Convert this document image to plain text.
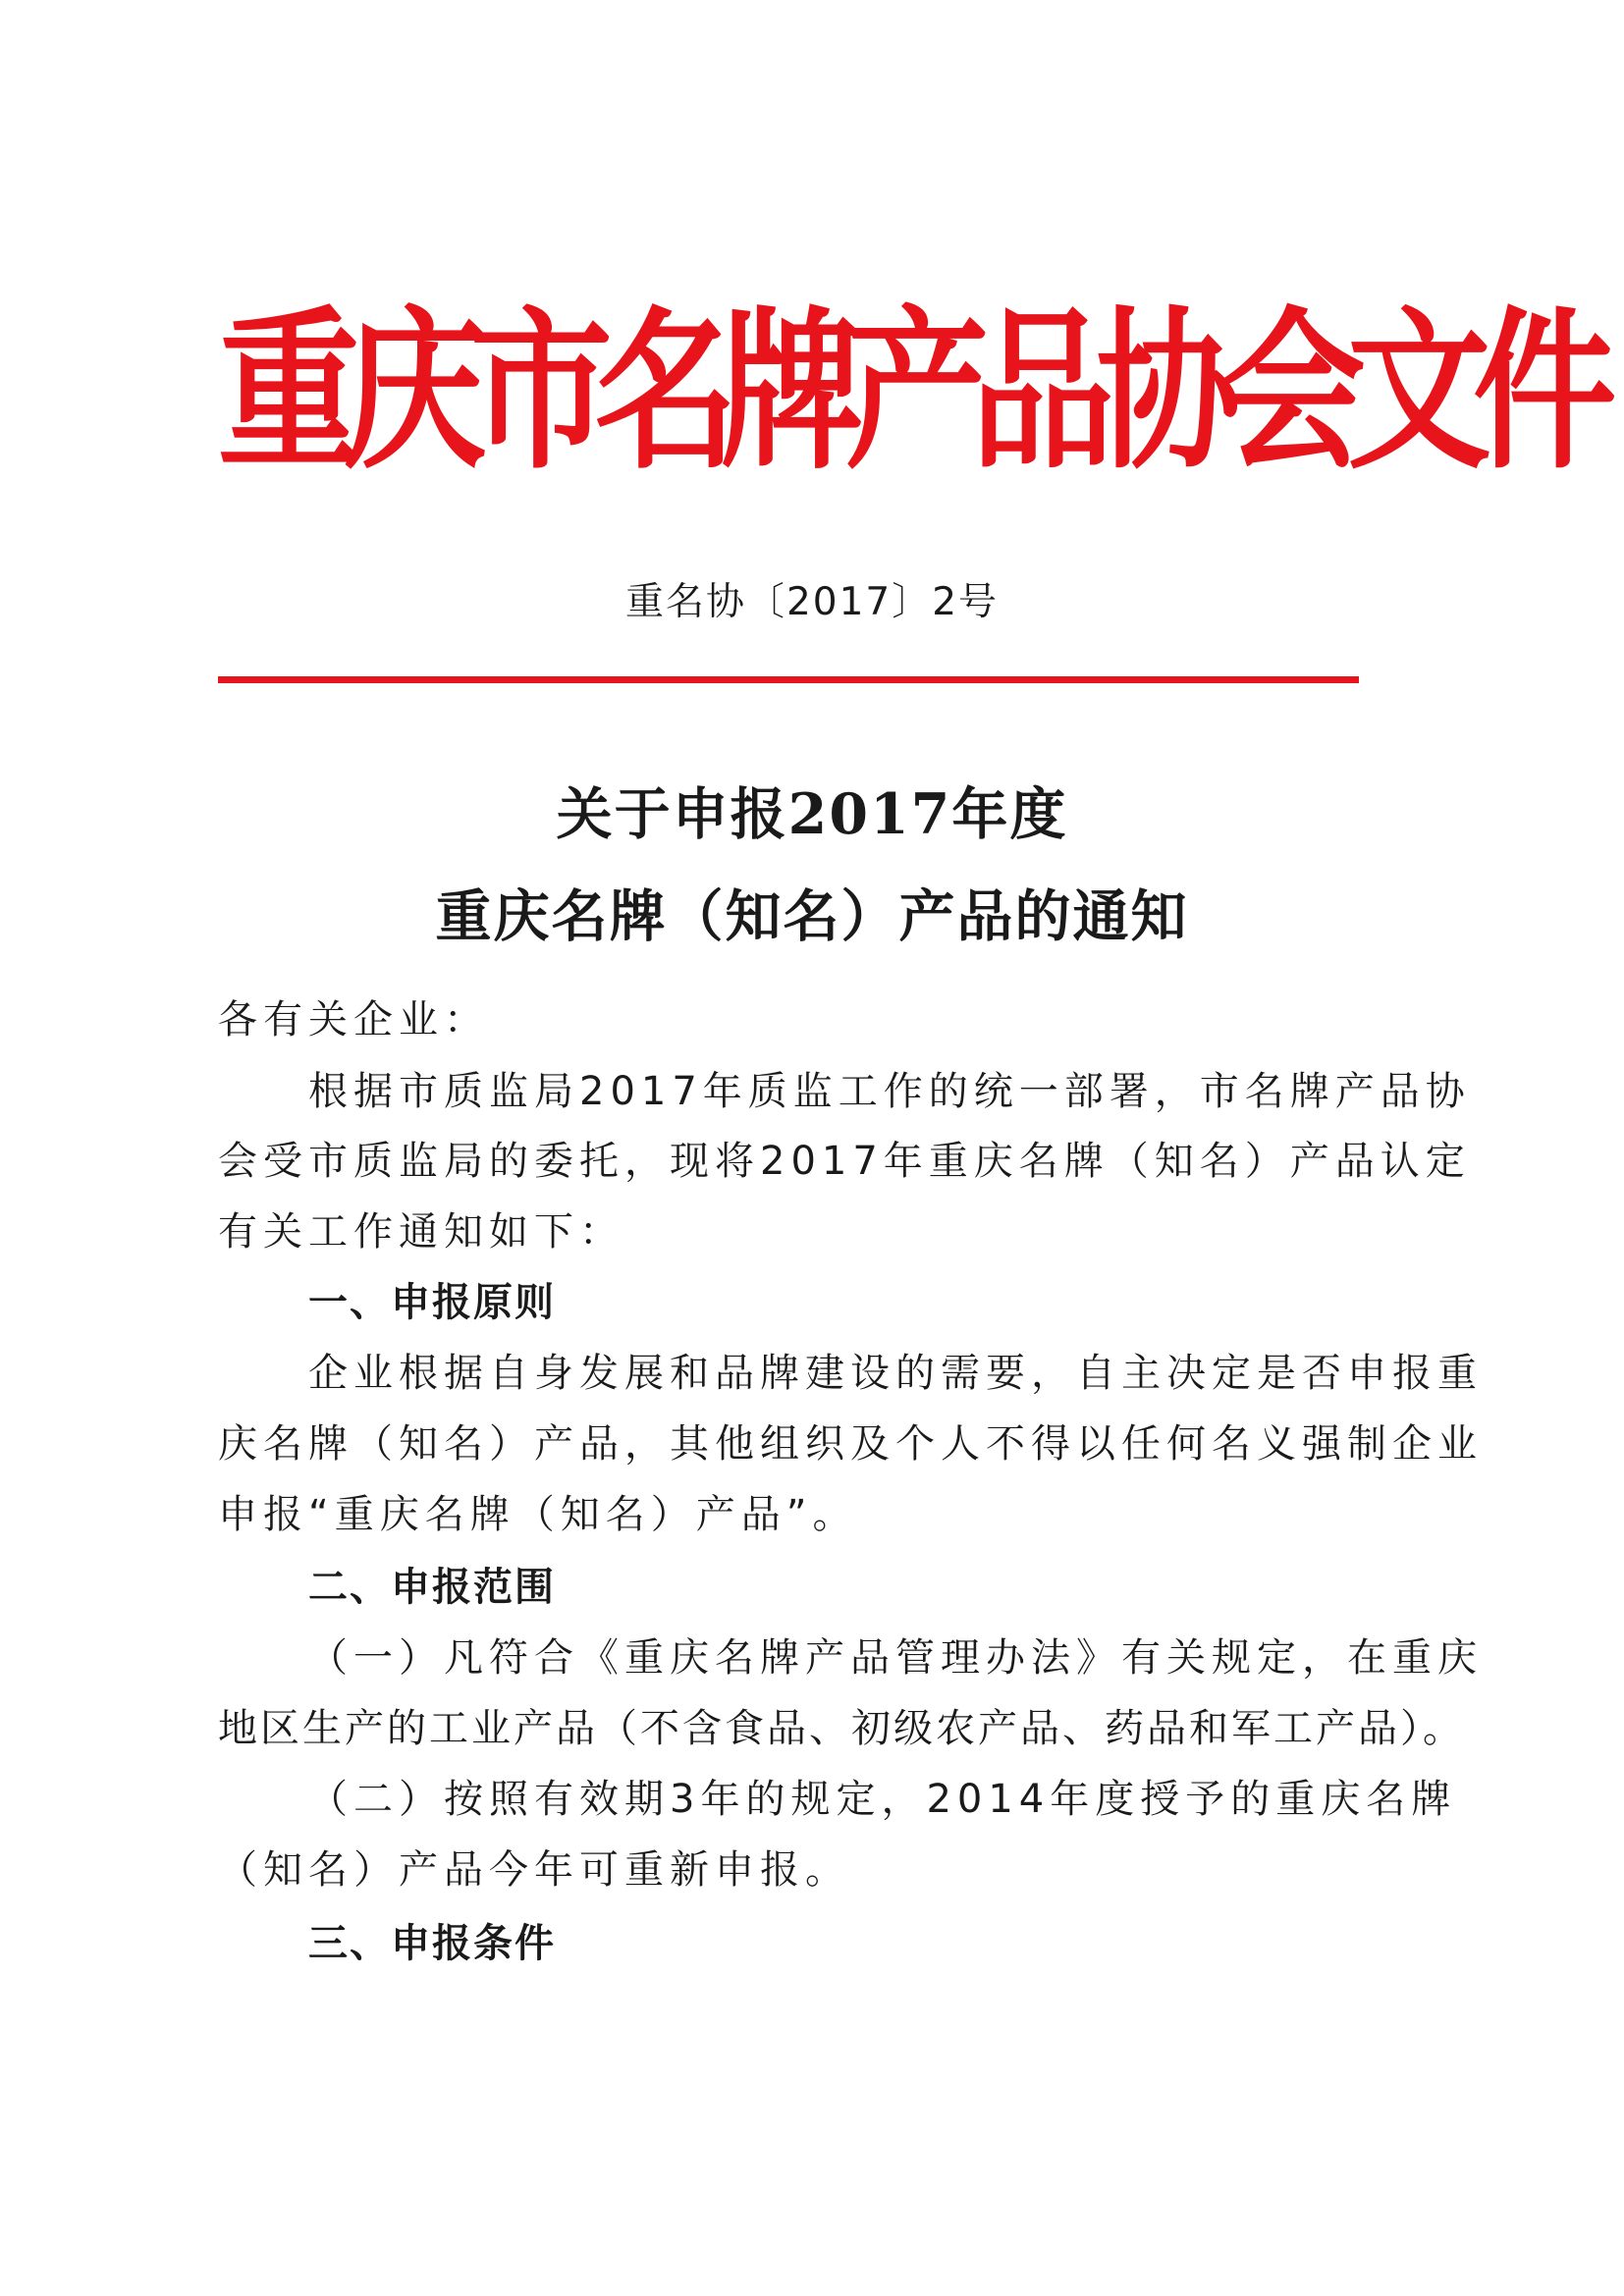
重庆市名牌产品协会文件
重名协〔2017〕2号
关于申报2017年度
重庆名牌（知名）产品的通知
各有关企业：
根据市质监局2017年质监工作的统一部署，市名牌产品协
会受市质监局的委托，现将2017年重庆名牌（知名）产品认定
有关工作通知如下：
一、申报原则
企业根据自身发展和品牌建设的需要，自主决定是否申报重
庆名牌（知名）产品，其他组织及个人不得以任何名义强制企业
申报“重庆名牌（知名）产品”。
二、申报范围
（一）凡符合《重庆名牌产品管理办法》有关规定，在重庆
地区生产的工业产品（不含食品、初级农产品、药品和军工产品）。
（二）按照有效期3年的规定，2014年度授予的重庆名牌
（知名）产品今年可重新申报。
三、申报条件
